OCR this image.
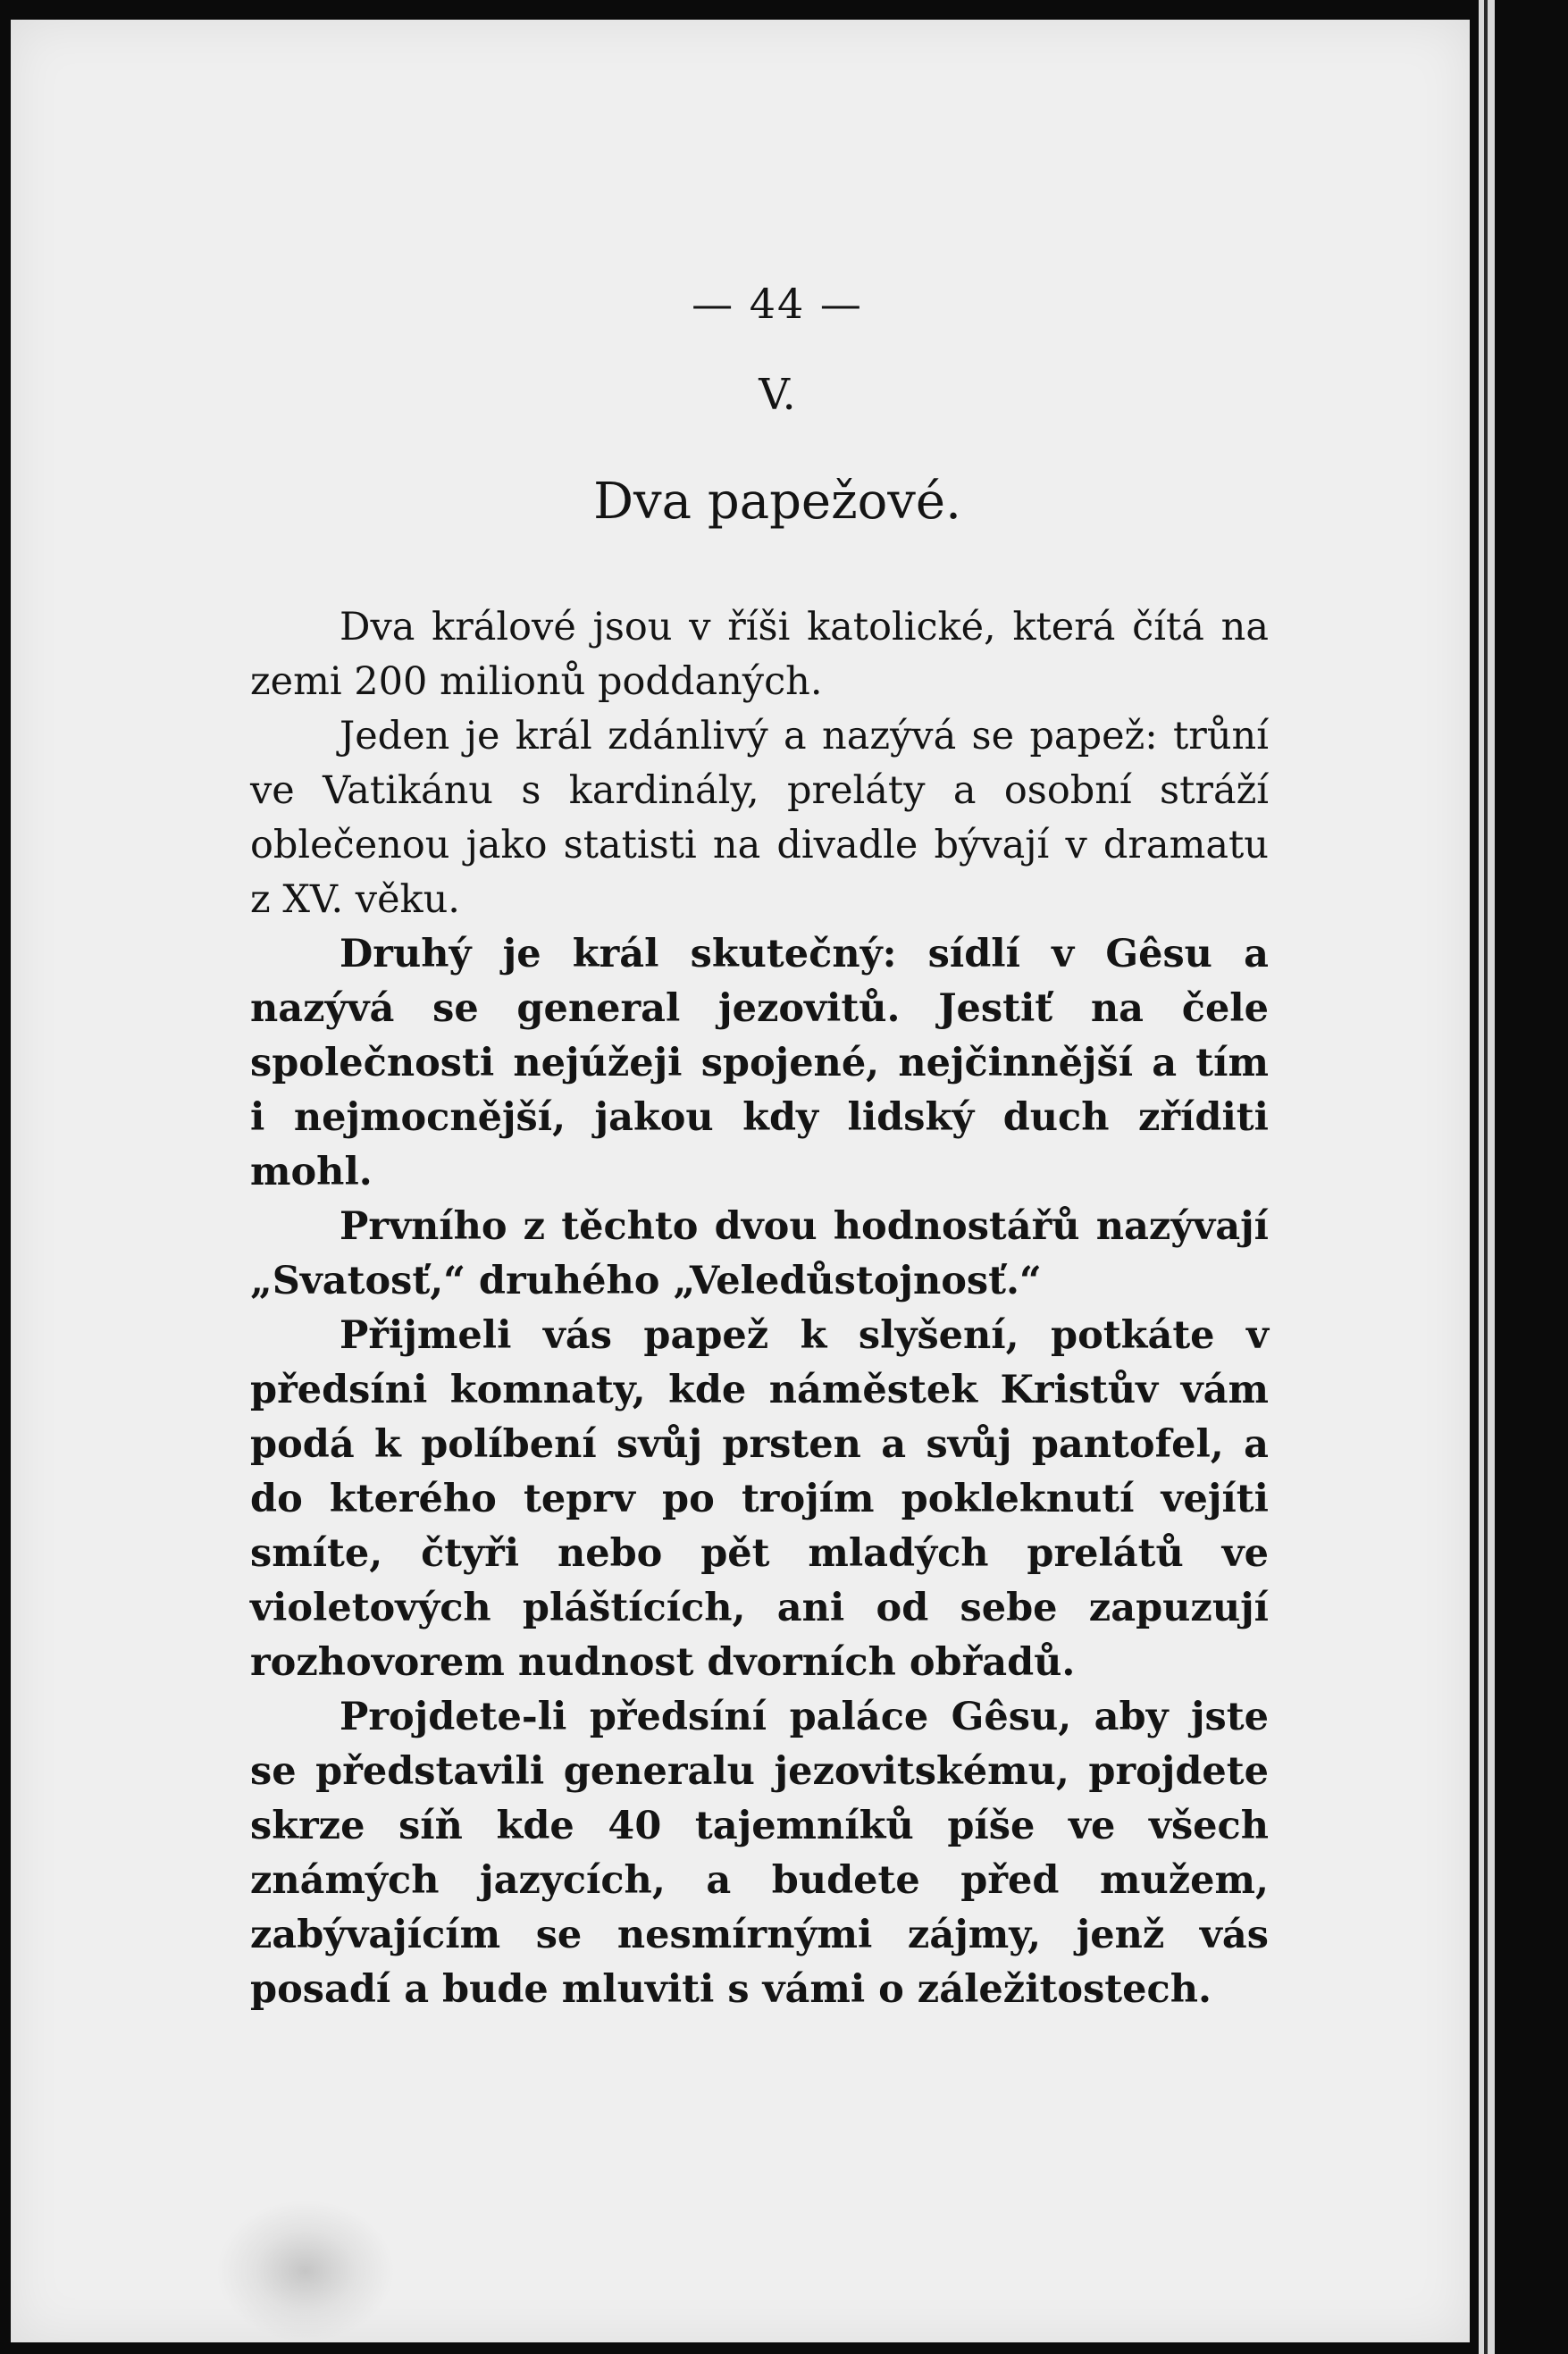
— 44 —
V.
Dva papežové.

Dva králové jsou v říši katolické, která čítá na zemi 200 milionů poddaných.

Jeden je král zdánlivý a nazývá se papež: trůní ve Vatikánu s kardinály, preláty a osobní stráží oblečenou jako statisti na divadle bývají v dramatu z XV. věku.

Druhý je král skutečný: sídlí v Gêsu a nazývá se general jezovitů. Jestiť na čele společnosti nejúžeji spojené, nejčinnější a tím i nejmocnější, jakou kdy lidský duch zříditi mohl.

Prvního z těchto dvou hodnostářů nazývají „Svatosť,“ druhého „Veledůstojnosť.“

Přijmeli vás papež k slyšení, potkáte v předsíni komnaty, kde náměstek Kristův vám podá k políbení svůj prsten a svůj pantofel, a do kterého teprv po trojím pokleknutí vejíti smíte, čtyři nebo pět mladých prelátů ve violetových pláštících, ani od sebe zapuzují rozhovorem nudnost dvorních obřadů.

Projdete-li předsíní paláce Gêsu, aby jste se představili generalu jezovitskému, projdete skrze síň kde 40 tajemníků píše ve všech známých jazycích, a budete před mužem, zabývajícím se nesmírnými zájmy, jenž vás posadí a bude mluviti s vámi o záležitostech.
